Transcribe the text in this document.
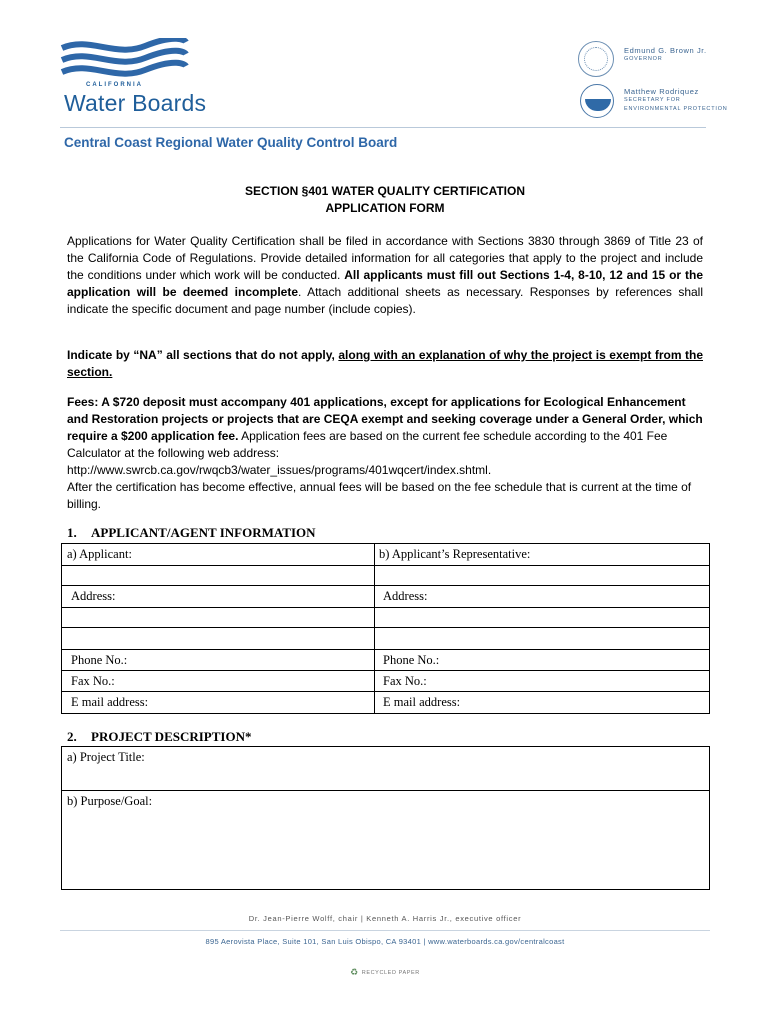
CALIFORNIA
Water Boards
Edmund G. Brown Jr.
GOVERNOR
Matthew Rodriquez
SECRETARY FOR
ENVIRONMENTAL PROTECTION
Central Coast Regional Water Quality Control Board
SECTION §401 WATER QUALITY CERTIFICATION
APPLICATION FORM
Applications for Water Quality Certification shall be filed in accordance with Sections 3830 through 3869 of Title 23 of the California Code of Regulations. Provide detailed information for all categories that apply to the project and include the conditions under which work will be conducted. All applicants must fill out Sections 1-4, 8-10, 12 and 15 or the application will be deemed incomplete. Attach additional sheets as necessary. Responses by references shall indicate the specific document and page number (include copies).
Indicate by “NA” all sections that do not apply, along with an explanation of why the project is exempt from the section.
Fees: A $720 deposit must accompany 401 applications, except for applications for Ecological Enhancement and Restoration projects or projects that are CEQA exempt and seeking coverage under a General Order, which require a $200 application fee. Application fees are based on the current fee schedule according to the 401 Fee Calculator at the following web address:
http://www.swrcb.ca.gov/rwqcb3/water_issues/programs/401wqcert/index.shtml.
After the certification has become effective, annual fees will be based on the fee schedule that is current at the time of billing.
1. APPLICANT/AGENT INFORMATION
a) Applicant:	b) Applicant’s Representative:
Address:	Address:
Phone No.:	Phone No.:
Fax No.:	Fax No.:
E mail address:	E mail address:
2. PROJECT DESCRIPTION*
a) Project Title:
b) Purpose/Goal:
Dr. Jean-Pierre Wolff, chair | Kenneth A. Harris Jr., executive officer
895 Aerovista Place, Suite 101, San Luis Obispo, CA 93401 | www.waterboards.ca.gov/centralcoast
♻ RECYCLED PAPER
